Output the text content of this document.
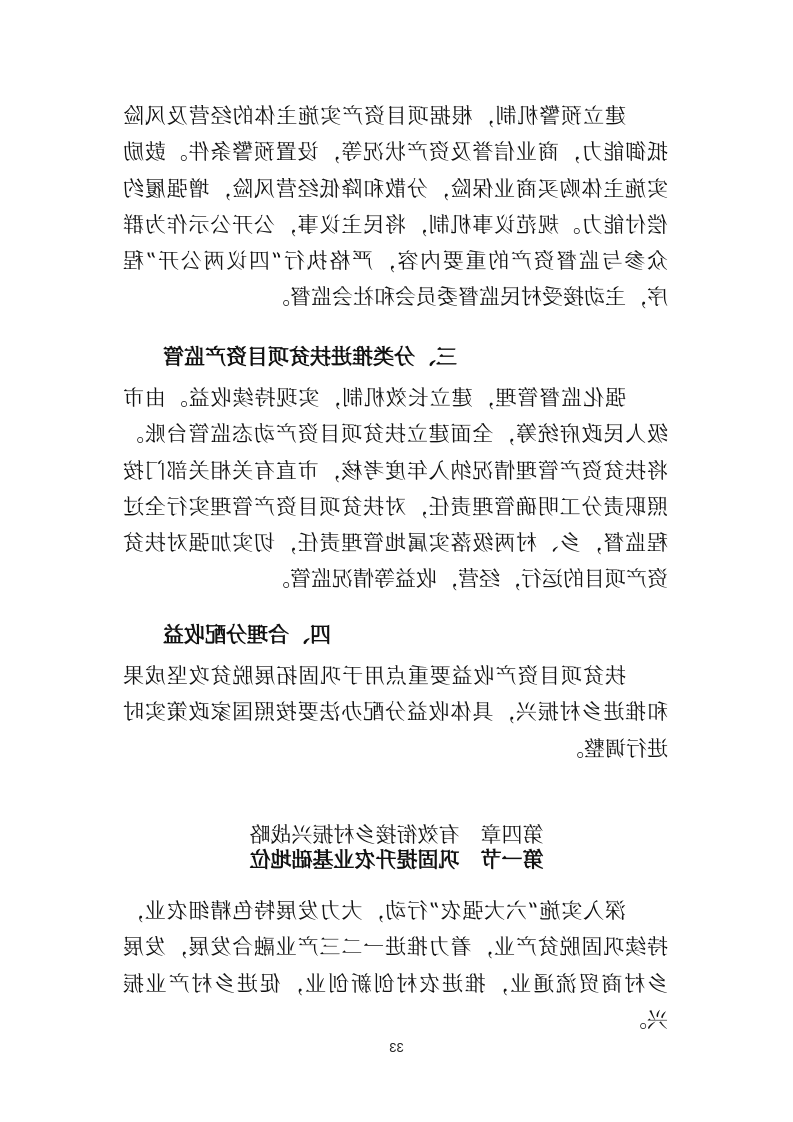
建立预警机制，根据项目资产实施主体的经营及风险抵御能力，商业信誉及资产状况等，设置预警条件。鼓励实施主体购买商业保险，分散和降低经营风险，增强履约偿付能力。规范议事机制，将民主议事，公开公示作为群众参与监督资产的重要内容，严格执行“四议两公开”程序，主动接受村民监督委员会和社会监督。

三、分类推进扶贫项目资产监管

强化监督管理，建立长效机制，实现持续收益。由市级人民政府统筹，全面建立扶贫项目资产动态监管台账。将扶贫资产管理情况纳入年度考核，市直有关相关部门按照职责分工明确管理责任，对扶贫项目资产管理实行全过程监督，乡、村两级落实属地管理责任，切实加强对扶贫资产项目的运行，经营，收益等情况监管。

四、合理分配收益

扶贫项目资产收益要重点用于巩固拓展脱贫攻坚成果和推进乡村振兴，具体收益分配办法要按照国家政策实时进行调整。

第四章　有效衔接乡村振兴战略

第一节　巩固提升农业基础地位

深入实施“六大强农”行动，大力发展特色精细农业，持续巩固脱贫产业，着力推进一二三产业融合发展，发展乡村商贸流通业，推进农村创新创业，促进乡村产业振兴。

33
